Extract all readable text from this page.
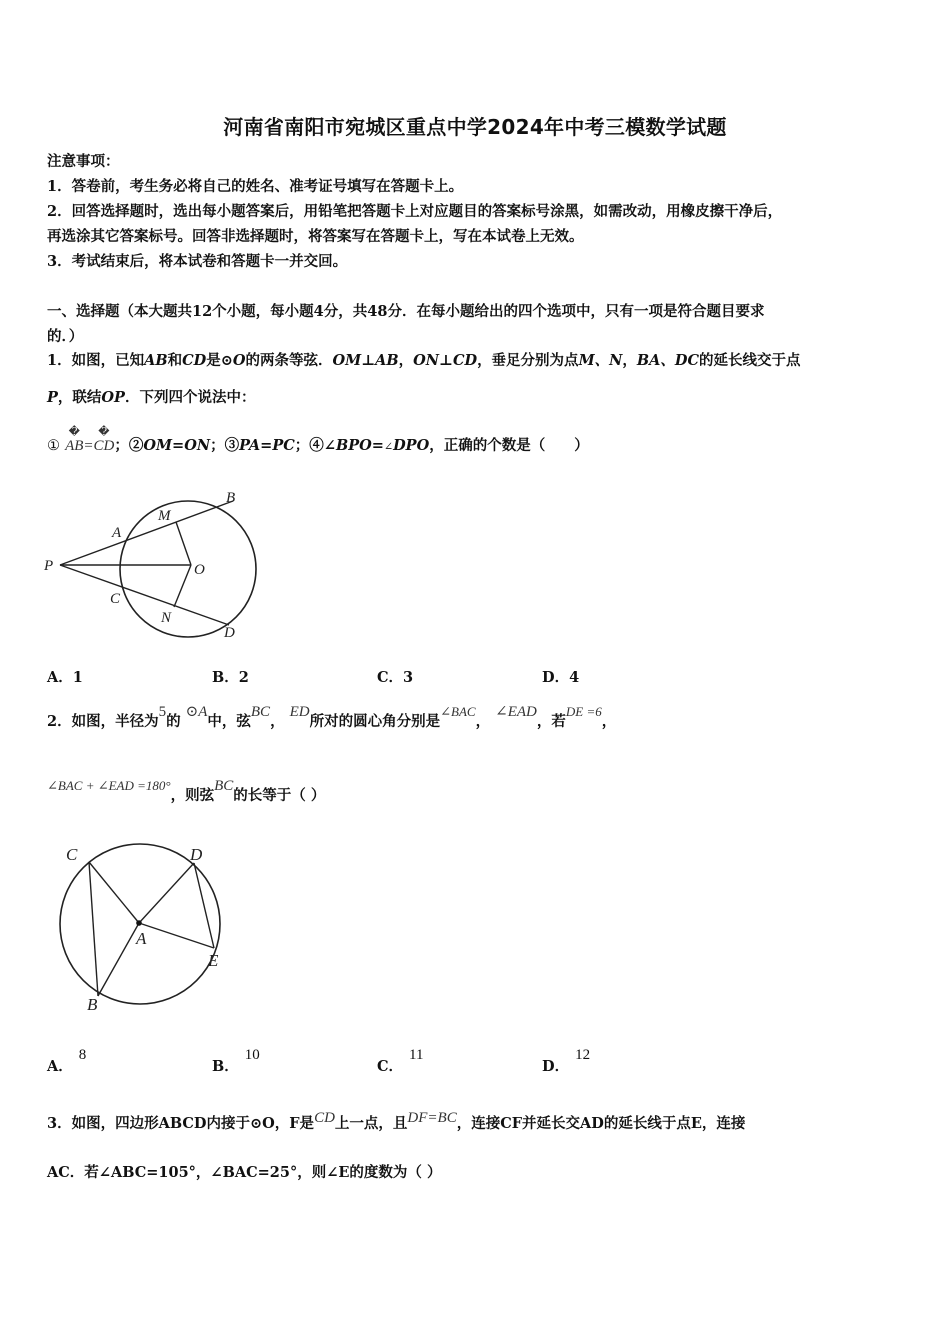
河南省南阳市宛城区重点中学2024年中考三模数学试题
注意事项：
1．答卷前，考生务必将自己的姓名、准考证号填写在答题卡上。
2．回答选择题时，选出每小题答案后，用铅笔把答题卡上对应题目的答案标号涂黑，如需改动，用橡皮擦干净后，
再选涂其它答案标号。回答非选择题时，将答案写在答题卡上，写在本试卷上无效。
3．考试结束后，将本试卷和答题卡一并交回。
一、选择题（本大题共12个小题，每小题4分，共48分．在每小题给出的四个选项中，只有一项是符合题目要求
的．）
1．如图，已知AB和CD是⊙O的两条等弦．OM⊥AB，ON⊥CD，垂足分别为点M、N，BA、DC的延长线交于点
P，联结OP．下列四个说法中：
①
�
AB=
�
CD；②OM=ON；③PA=PC；④∠BPO=∠DPO，正确的个数是（　　）
P
A
B
M
O
C
N
D
A．1	B．2	C．3	D．4
2．如图，半径为5的 ⊙A中，弦BC， ED所对的圆心角分别是∠BAC， ∠EAD，若DE =6，
∠BAC + ∠EAD =180°，则弦BC的长等于（ ）
C	D
A
E
B
A．8
B．10
C．11
D．12
3．如图，四边形ABCD内接于⊙O，F是CD上一点，且DF=BC，连接CF并延长交AD的延长线于点E，连接
AC．若∠ABC=105°，∠BAC=25°，则∠E的度数为（ ）
